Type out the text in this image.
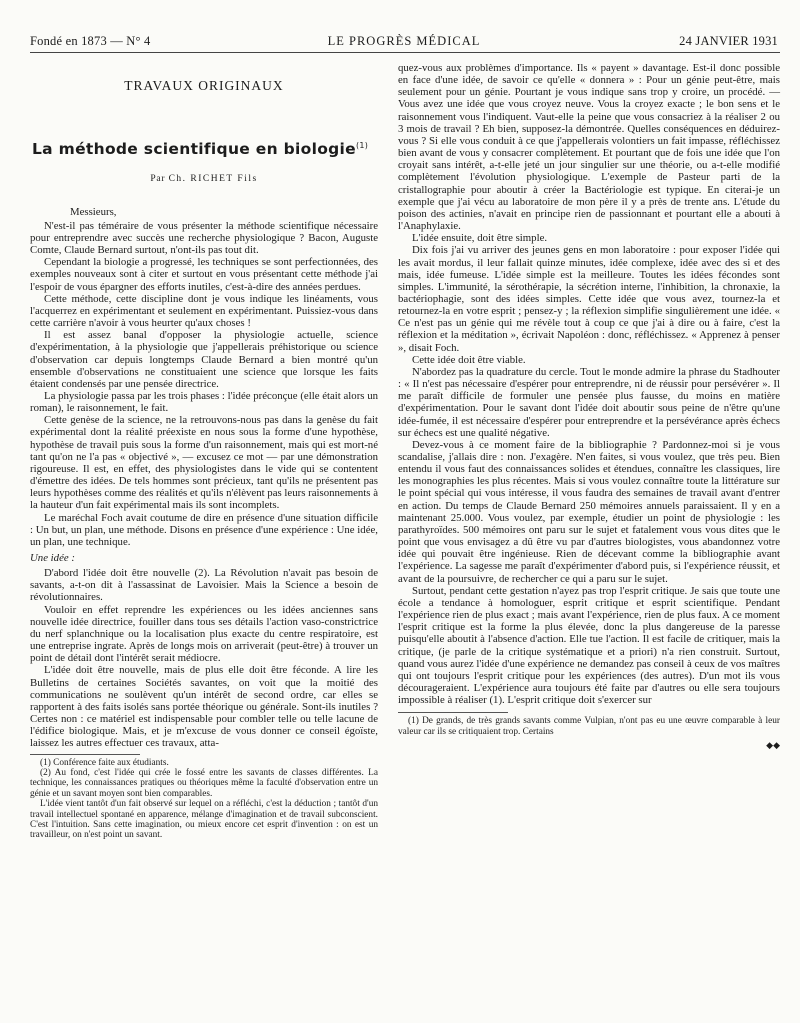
Fondé en 1873 — N° 4	LE PROGRÈS MÉDICAL	24 JANVIER 1931
TRAVAUX ORIGINAUX
La méthode scientifique en biologie$^{(1)}$
Par Ch. RICHET Fils

Messieurs,

N'est-il pas téméraire de vous présenter la méthode scientifique nécessaire pour entreprendre avec succès une recherche physiologique ? Bacon, Auguste Comte, Claude Bernard surtout, n'ont-ils pas tout dit.

Cependant la biologie a progressé, les techniques se sont perfectionnées, des exemples nouveaux sont à citer et surtout en vous présentant cette méthode j'ai l'espoir de vous épargner des efforts inutiles, c'est-à-dire des années perdues.

Cette méthode, cette discipline dont je vous indique les linéaments, vous l'acquerrez en expérimentant et seulement en expérimentant. Puissiez-vous dans cette carrière n'avoir à vous heurter qu'aux choses !

Il est assez banal d'opposer la physiologie actuelle, science d'expérimentation, à la physiologie que j'appellerais préhistorique ou science d'observation car depuis longtemps Claude Bernard a bien montré qu'un ensemble d'observations ne constituaient une science que lorsque les faits étaient condensés par une pensée directrice.

La physiologie passa par les trois phases : l'idée préconçue (elle était alors un roman), le raisonnement, le fait.

Cette genèse de la science, ne la retrouvons-nous pas dans la genèse du fait expérimental dont la réalité préexiste en nous sous la forme d'une hypothèse, hypothèse de travail puis sous la forme d'un raisonnement, mais qui est mort-né tant qu'on ne l'a pas « objectivé », — excusez ce mot — par une démonstration rigoureuse. Il est, en effet, des physiologistes dans le vide qui se contentent d'émettre des idées. De tels hommes sont précieux, tant qu'ils ne présentent pas leurs hypothèses comme des réalités et qu'ils n'élèvent pas leurs raisonnements à la hauteur d'un fait expérimental mais ils sont incomplets.

Le maréchal Foch avait coutume de dire en présence d'une situation difficile : Un but, un plan, une méthode. Disons en présence d'une expérience : Une idée, un plan, une technique.

Une idée :

D'abord l'idée doit être nouvelle (2). La Révolution n'avait pas besoin de savants, a-t-on dit à l'assassinat de Lavoisier. Mais la Science a besoin de révolutionnaires.

Vouloir en effet reprendre les expériences ou les idées anciennes sans nouvelle idée directrice, fouiller dans tous ses détails l'action vaso-constrictrice du nerf splanchnique ou la localisation plus exacte du centre respiratoire, est une entreprise ingrate. Après de longs mois on arriverait (peut-être) à trouver un point de détail dont l'intérêt serait médiocre.

L'idée doit être nouvelle, mais de plus elle doit être féconde. A lire les Bulletins de certaines Sociétés savantes, on voit que la moitié des communications ne soulèvent qu'un intérêt de second ordre, car elles se rapportent à des faits isolés sans portée théorique ou générale. Sont-ils inutiles ? Certes non : ce matériel est indispensable pour combler telle ou telle lacune de l'édifice biologique. Mais, et je m'excuse de vous donner ce conseil égoïste, laissez les autres effectuer ces travaux, atta-

(1) Conférence faite aux étudiants.

(2) Au fond, c'est l'idée qui crée le fossé entre les savants de classes différentes. La technique, les connaissances pratiques ou théoriques même la faculté d'observation entre un génie et un savant moyen sont bien comparables.

L'idée vient tantôt d'un fait observé sur lequel on a réfléchi, c'est la déduction ; tantôt d'un travail intellectuel spontané en apparence, mélange d'imagination et de travail subconscient. C'est l'intuition. Sans cette imagination, ou mieux encore cet esprit d'invention : on est un travailleur, on n'est point un savant.

quez-vous aux problèmes d'importance. Ils « payent » davantage. Est-il donc possible en face d'une idée, de savoir ce qu'elle « donnera » : Pour un génie peut-être, mais seulement pour un génie. Pourtant je vous indique sans trop y croire, un procédé. — Vous avez une idée que vous croyez neuve. Vous la croyez exacte ; le bon sens et le raisonnement vous l'indiquent. Vaut-elle la peine que vous consacriez à la réaliser 2 ou 3 mois de travail ? Eh bien, supposez-la démontrée. Quelles conséquences en déduirez-vous ? Si elle vous conduit à ce que j'appellerais volontiers un fait impasse, réfléchissez bien avant de vous y consacrer complètement. Et pourtant que de fois une idée que l'on croyait sans intérêt, a-t-elle jeté un jour singulier sur une théorie, ou a-t-elle modifié complètement l'évolution physiologique. L'exemple de Pasteur parti de la cristallographie pour aboutir à créer la Bactériologie est typique. En citerai-je un exemple que j'ai vécu au laboratoire de mon père il y a près de trente ans. L'étude du poison des actinies, n'avait en principe rien de passionnant et pourtant elle a abouti à l'Anaphylaxie.

L'idée ensuite, doit être simple.

Dix fois j'ai vu arriver des jeunes gens en mon laboratoire : pour exposer l'idée qui les avait mordus, il leur fallait quinze minutes, idée complexe, idée avec des si et des mais, idée fumeuse. L'idée simple est la meilleure. Toutes les idées fécondes sont simples. L'immunité, la sérothérapie, la sécrétion interne, l'inhibition, la chronaxie, la bactériophagie, sont des idées simples. Cette idée que vous avez, tournez-la et retournez-la en votre esprit ; pensez-y ; la réflexion simplifie singulièrement une idée. « Ce n'est pas un génie qui me révèle tout à coup ce que j'ai à dire ou à faire, c'est la réflexion et la méditation », écrivait Napoléon : donc, réfléchissez. « Apprenez à penser », disait Foch.

Cette idée doit être viable.

N'abordez pas la quadrature du cercle. Tout le monde admire la phrase du Stadhouter : « Il n'est pas nécessaire d'espérer pour entreprendre, ni de réussir pour persévérer ». Il me paraît difficile de formuler une pensée plus fausse, du moins en matière d'expérimentation. Pour le savant dont l'idée doit aboutir sous peine de n'être qu'une idée-fumée, il est nécessaire d'espérer pour entreprendre et la persévérance après échecs sur échecs est une qualité négative.

Devez-vous à ce moment faire de la bibliographie ? Pardonnez-moi si je vous scandalise, j'allais dire : non. J'exagère. N'en faites, si vous voulez, que très peu. Bien entendu il vous faut des connaissances solides et étendues, connaître les classiques, lire les monographies les plus récentes. Mais si vous voulez connaître toute la littérature sur le point spécial qui vous intéresse, il vous faudra des semaines de travail avant d'entrer en action. Du temps de Claude Bernard 250 mémoires annuels paraissaient. Il y en a maintenant 25.000. Vous voulez, par exemple, étudier un point de physiologie : les parathyroïdes. 500 mémoires ont paru sur le sujet et fatalement vous vous dites que le point que vous envisagez a dû être vu par d'autres biologistes, vous abandonnez votre idée qui pouvait être ingénieuse. Rien de décevant comme la bibliographie avant l'expérience. La sagesse me paraît d'expérimenter d'abord puis, si l'expérience réussit, et avant de la poursuivre, de rechercher ce qui a paru sur le sujet.

Surtout, pendant cette gestation n'ayez pas trop l'esprit critique. Je sais que toute une école a tendance à homologuer, esprit critique et esprit scientifique. Pendant l'expérience rien de plus exact ; mais avant l'expérience, rien de plus faux. A ce moment l'esprit critique est la forme la plus élevée, donc la plus dangereuse de la paresse puisqu'elle aboutit à l'absence d'action. Elle tue l'action. Il est facile de critiquer, mais la critique, (je parle de la critique systématique et a priori) n'a rien construit. Surtout, quand vous aurez l'idée d'une expérience ne demandez pas conseil à ceux de vos maîtres qui ont toujours l'esprit critique pour les expériences (des autres). D'un mot ils vous décourageraient. L'expérience aura toujours été faite par d'autres ou elle sera toujours impossible à réaliser (1). L'esprit critique doit s'exercer sur

(1) De grands, de très grands savants comme Vulpian, n'ont pas eu une œuvre comparable à leur valeur car ils se critiquaient trop. Certains

◆◆
